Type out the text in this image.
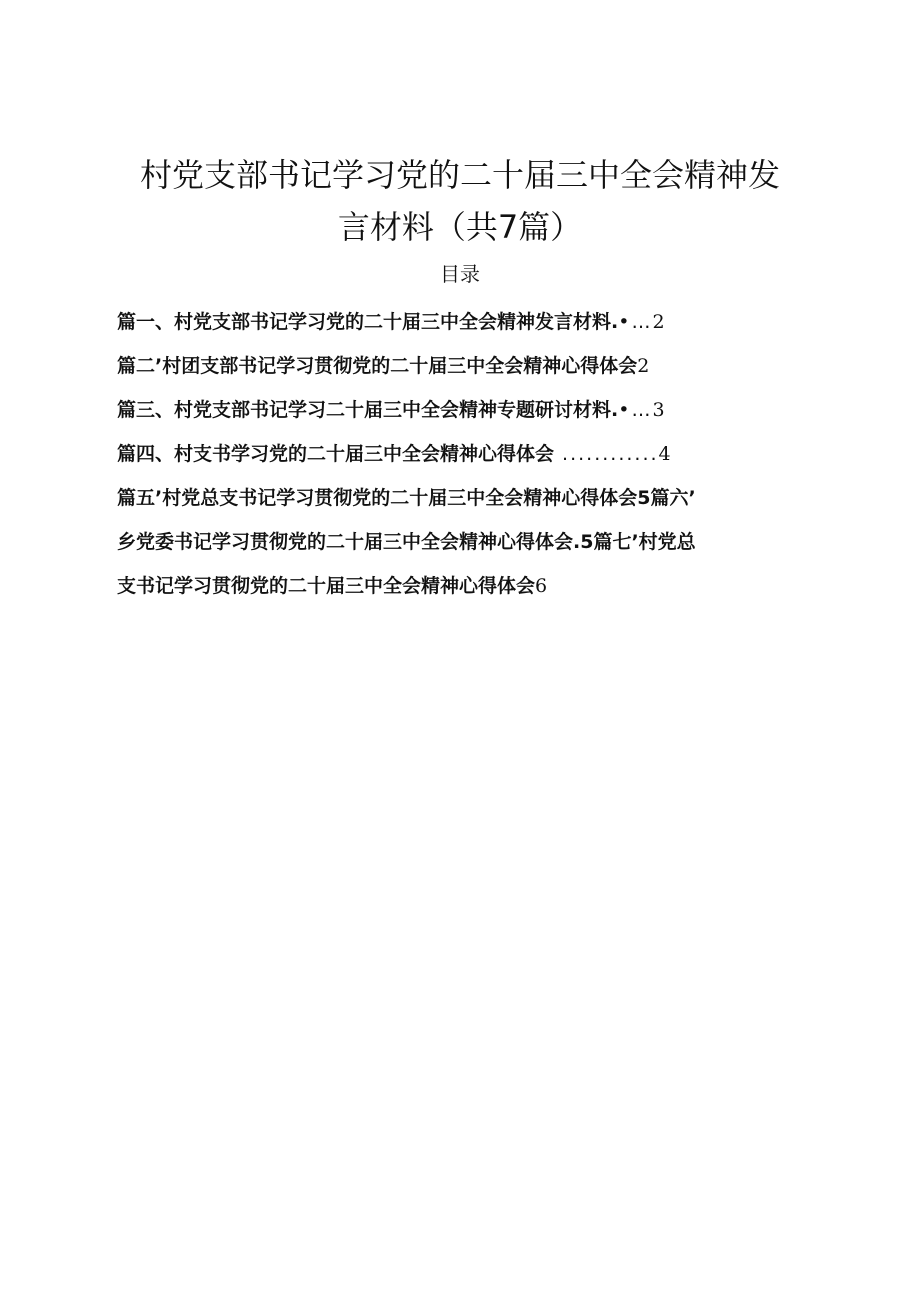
村党支部书记学习党的二十届三中全会精神发
言材料（共7篇）
目录
篇一、村党支部书记学习党的二十届三中全会精神发言材料.•…2
篇二’村团支部书记学习贯彻党的二十届三中全会精神心得体会2
篇三、村党支部书记学习二十届三中全会精神专题研讨材料.•…3
篇四、村支书学习党的二十届三中全会精神心得体会 ............4
篇五’村党总支书记学习贯彻党的二十届三中全会精神心得体会5篇六’
乡党委书记学习贯彻党的二十届三中全会精神心得体会.5篇七’村党总
支书记学习贯彻党的二十届三中全会精神心得体会6
